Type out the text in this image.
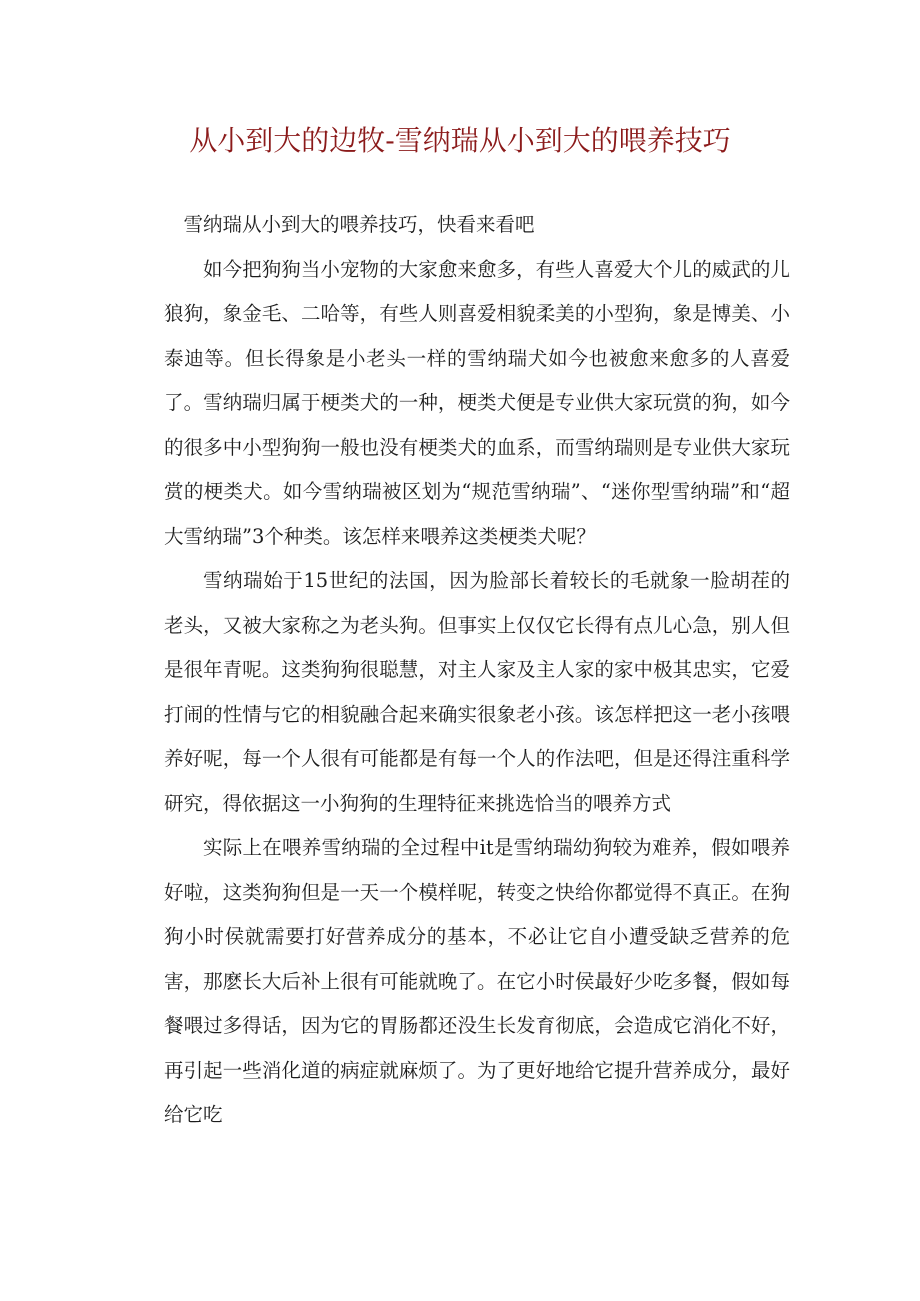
从小到大的边牧-雪纳瑞从小到大的喂养技巧

雪纳瑞从小到大的喂养技巧，快看来看吧

如今把狗狗当小宠物的大家愈来愈多，有些人喜爱大个儿的威武的儿狼狗，象金毛、二哈等，有些人则喜爱相貌柔美的小型狗，象是博美、小泰迪等。但长得象是小老头一样的雪纳瑞犬如今也被愈来愈多的人喜爱了。雪纳瑞归属于梗类犬的一种，梗类犬便是专业供大家玩赏的狗，如今的很多中小型狗狗一般也没有梗类犬的血系，而雪纳瑞则是专业供大家玩赏的梗类犬。如今雪纳瑞被区划为“规范雪纳瑞”、“迷你型雪纳瑞”和“超大雪纳瑞”3个种类。该怎样来喂养这类梗类犬呢？

雪纳瑞始于15世纪的法国，因为脸部长着较长的毛就象一脸胡茬的老头，又被大家称之为老头狗。但事实上仅仅它长得有点儿心急，别人但是很年青呢。这类狗狗很聪慧，对主人家及主人家的家中极其忠实，它爱打闹的性情与它的相貌融合起来确实很象老小孩。该怎样把这一老小孩喂养好呢，每一个人很有可能都是有每一个人的作法吧，但是还得注重科学研究，得依据这一小狗狗的生理特征来挑选恰当的喂养方式

实际上在喂养雪纳瑞的全过程中it是雪纳瑞幼狗较为难养，假如喂养好啦，这类狗狗但是一天一个模样呢，转变之快给你都觉得不真正。在狗狗小时侯就需要打好营养成分的基本，不必让它自小遭受缺乏营养的危害，那麽长大后补上很有可能就晚了。在它小时侯最好少吃多餐，假如每餐喂过多得话，因为它的胃肠都还没生长发育彻底，会造成它消化不好，再引起一些消化道的病症就麻烦了。为了更好地给它提升营养成分，最好给它吃
